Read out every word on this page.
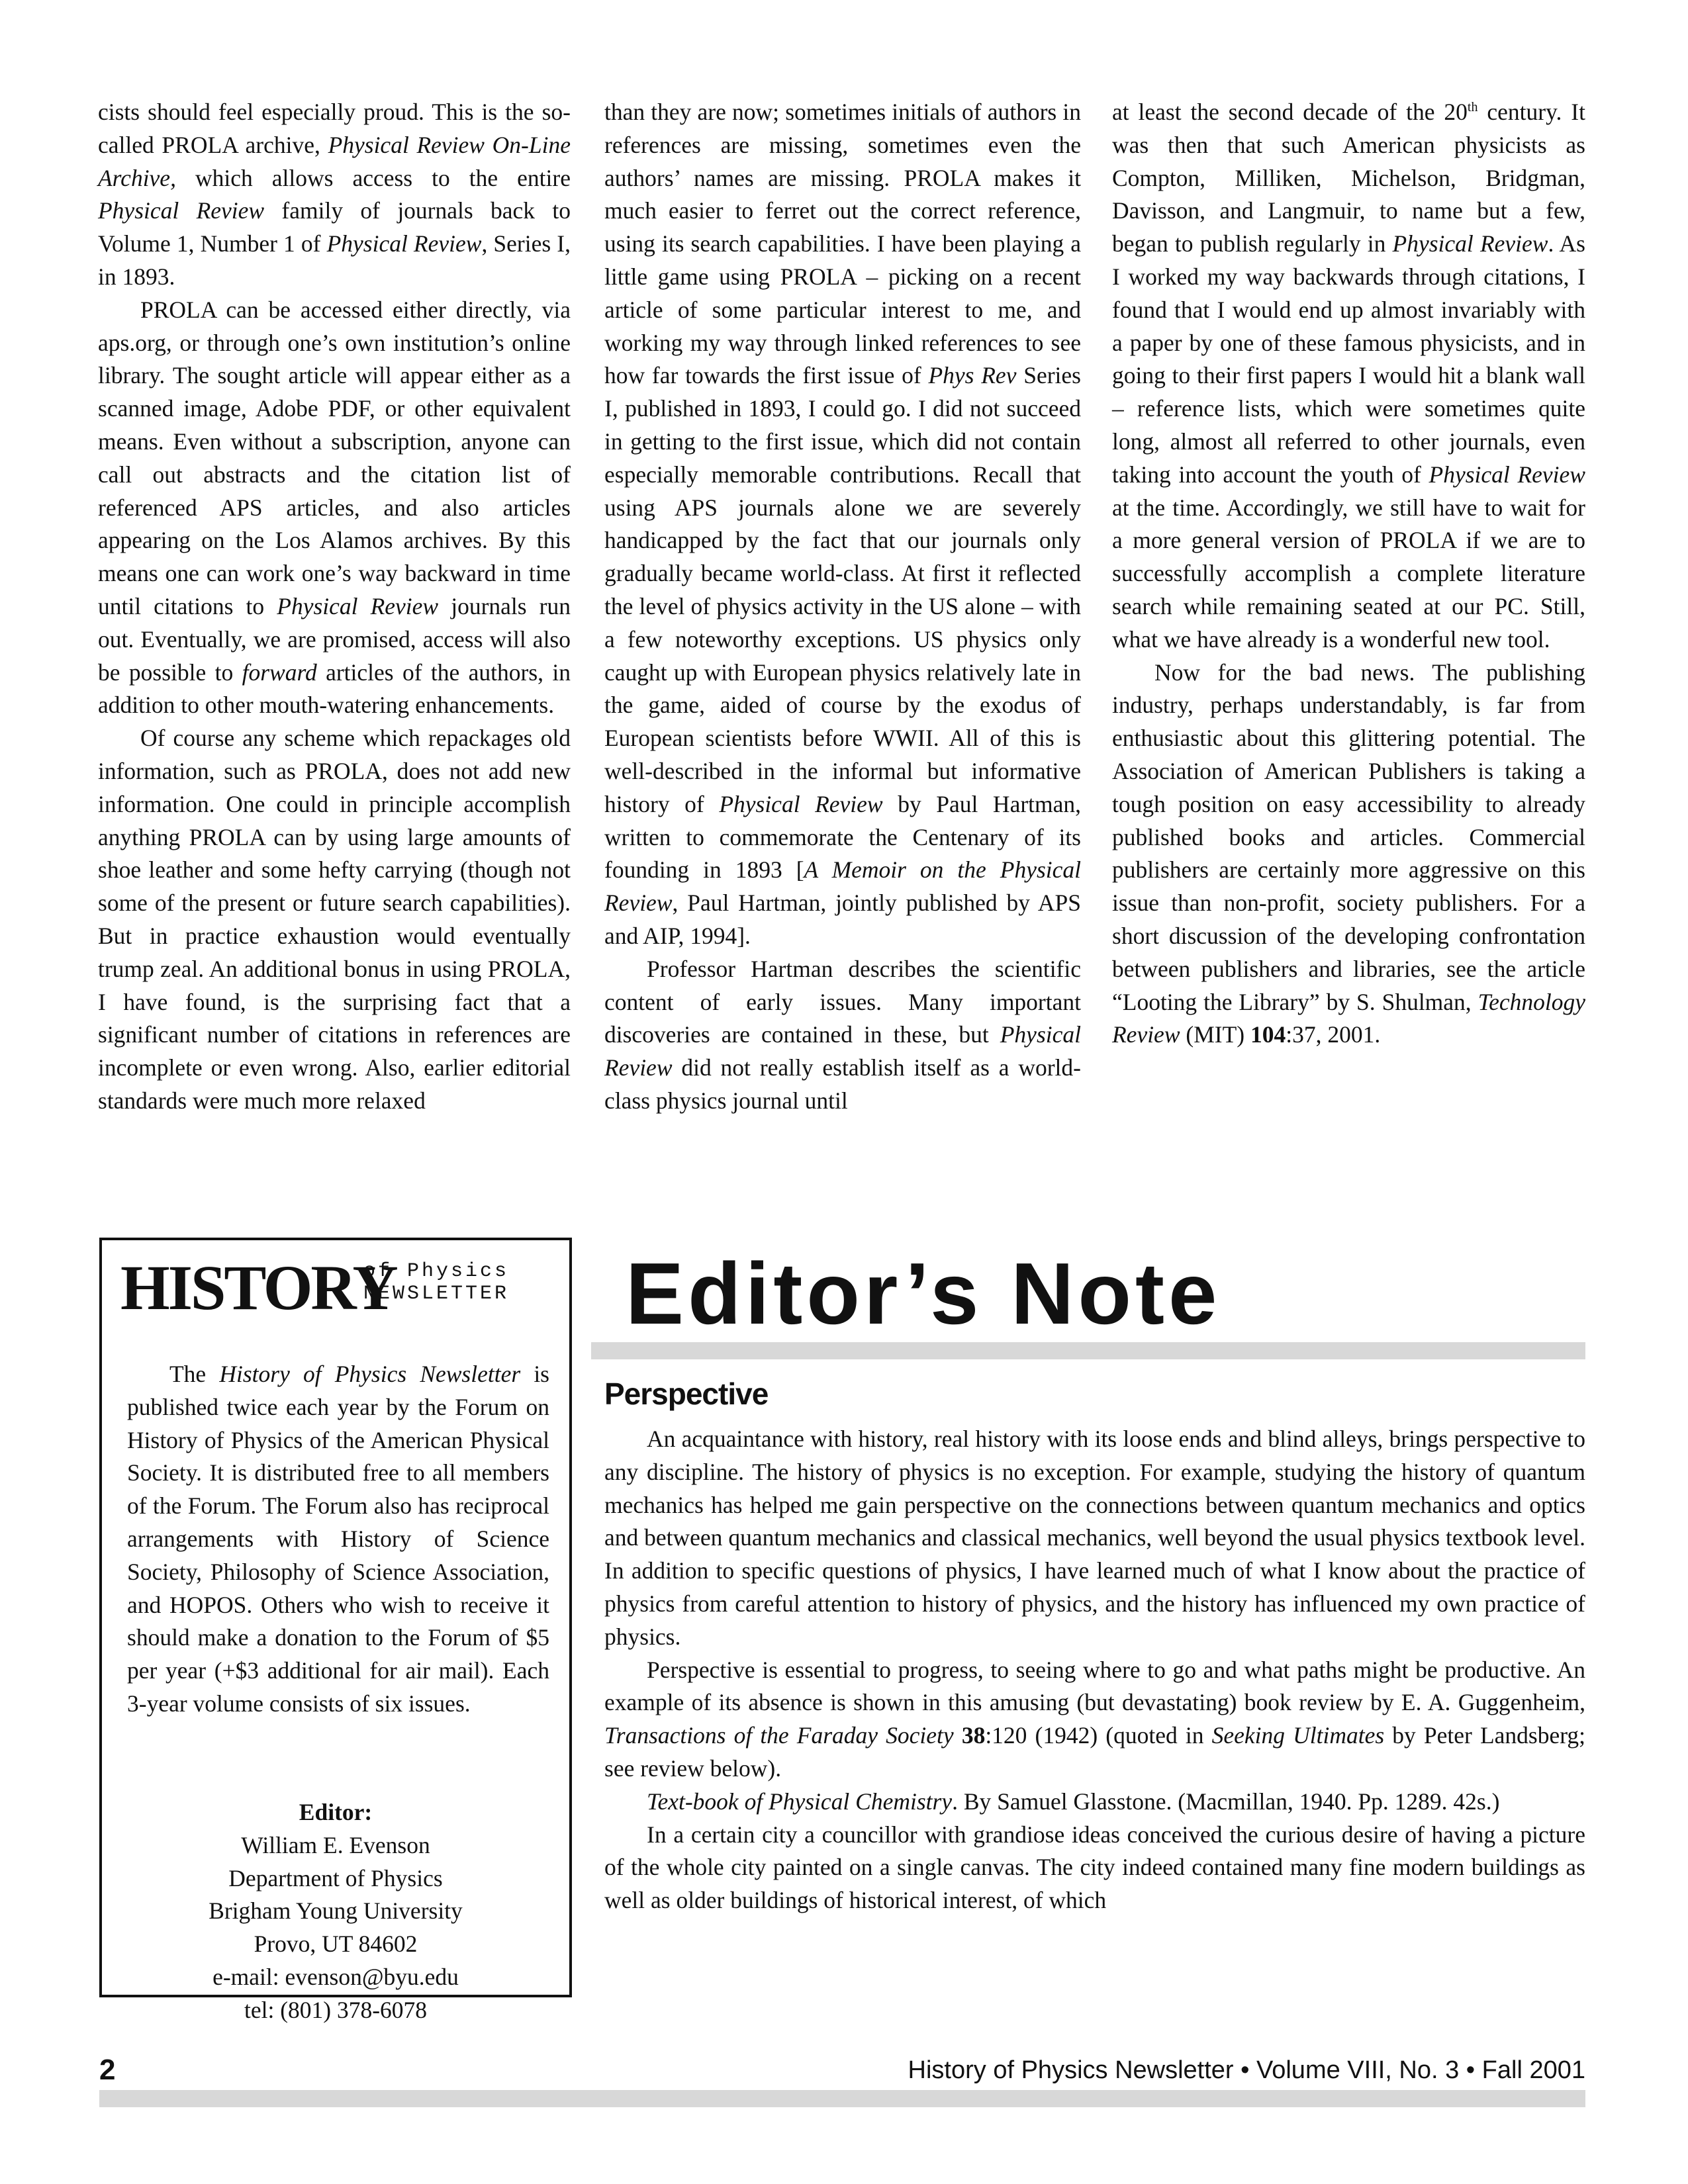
cists should feel especially proud. This is the so-called PROLA archive, Physical Review On-Line Archive, which allows access to the entire Physical Review family of journals back to Volume 1, Number 1 of Physical Review, Series I, in 1893.

PROLA can be accessed either directly, via aps.org, or through one’s own institution’s online library. The sought article will appear either as a scanned image, Adobe PDF, or other equivalent means. Even without a subscription, anyone can call out abstracts and the citation list of referenced APS articles, and also articles appearing on the Los Alamos archives. By this means one can work one’s way backward in time until citations to Physical Review journals run out. Eventually, we are promised, access will also be possible to forward articles of the authors, in addition to other mouth-watering enhancements.

Of course any scheme which repackages old information, such as PROLA, does not add new information. One could in principle accomplish anything PROLA can by using large amounts of shoe leather and some hefty carrying (though not some of the present or future search capabilities). But in practice exhaustion would eventually trump zeal. An additional bonus in using PROLA, I have found, is the surprising fact that a significant number of citations in references are incomplete or even wrong. Also, earlier editorial standards were much more relaxed

than they are now; sometimes initials of authors in references are missing, sometimes even the authors’ names are missing. PROLA makes it much easier to ferret out the correct reference, using its search capabilities. I have been playing a little game using PROLA – picking on a recent article of some particular interest to me, and working my way through linked references to see how far towards the first issue of Phys Rev Series I, published in 1893, I could go. I did not succeed in getting to the first issue, which did not contain especially memorable contributions. Recall that using APS journals alone we are severely handicapped by the fact that our journals only gradually became world-class. At first it reflected the level of physics activity in the US alone – with a few noteworthy exceptions. US physics only caught up with European physics relatively late in the game, aided of course by the exodus of European scientists before WWII. All of this is well-described in the informal but informative history of Physical Review by Paul Hartman, written to commemorate the Centenary of its founding in 1893 [A Memoir on the Physical Review, Paul Hartman, jointly published by APS and AIP, 1994].

Professor Hartman describes the scientific content of early issues. Many important discoveries are contained in these, but Physical Review did not really establish itself as a world-class physics journal until

at least the second decade of the 20th century. It was then that such American physicists as Compton, Milliken, Michelson, Bridgman, Davisson, and Langmuir, to name but a few, began to publish regularly in Physical Review. As I worked my way backwards through citations, I found that I would end up almost invariably with a paper by one of these famous physicists, and in going to their first papers I would hit a blank wall – reference lists, which were sometimes quite long, almost all referred to other journals, even taking into account the youth of Physical Review at the time. Accordingly, we still have to wait for a more general version of PROLA if we are to successfully accomplish a complete literature search while remaining seated at our PC. Still, what we have already is a wonderful new tool.

Now for the bad news. The publishing industry, perhaps understandably, is far from enthusiastic about this glittering potential. The Association of American Publishers is taking a tough position on easy accessibility to already published books and articles. Commercial publishers are certainly more aggressive on this issue than non-profit, society publishers. For a short discussion of the developing confrontation between publishers and libraries, see the article “Looting the Library” by S. Shulman, Technology Review (MIT) 104:37, 2001.

HISTORY
of Physics
NEWSLETTER

The History of Physics Newsletter is published twice each year by the Forum on History of Physics of the American Physical Society. It is distributed free to all members of the Forum. The Forum also has reciprocal arrangements with History of Science Society, Philosophy of Science Association, and HOPOS. Others who wish to receive it should make a donation to the Forum of $5 per year (+$3 additional for air mail). Each 3-year volume consists of six issues.

Editor:
William E. Evenson
Department of Physics
Brigham Young University
Provo, UT 84602
e-mail: evenson@byu.edu
tel: (801) 378-6078
Editor’s Note
Perspective

An acquaintance with history, real history with its loose ends and blind alleys, brings perspective to any discipline. The history of physics is no exception. For example, studying the history of quantum mechanics has helped me gain perspective on the connections between quantum mechanics and optics and between quantum mechanics and classical mechanics, well beyond the usual physics textbook level. In addition to specific questions of physics, I have learned much of what I know about the practice of physics from careful attention to history of physics, and the history has influenced my own practice of physics.

Perspective is essential to progress, to seeing where to go and what paths might be productive. An example of its absence is shown in this amusing (but devastating) book review by E. A. Guggenheim, Transactions of the Faraday Society 38:120 (1942) (quoted in Seeking Ultimates by Peter Landsberg; see review below).

Text-book of Physical Chemistry. By Samuel Glasstone. (Macmillan, 1940. Pp. 1289. 42s.)

In a certain city a councillor with grandiose ideas conceived the curious desire of having a picture of the whole city painted on a single canvas. The city indeed contained many fine modern buildings as well as older buildings of historical interest, of which

2	History of Physics Newsletter • Volume VIII, No. 3 • Fall 2001
